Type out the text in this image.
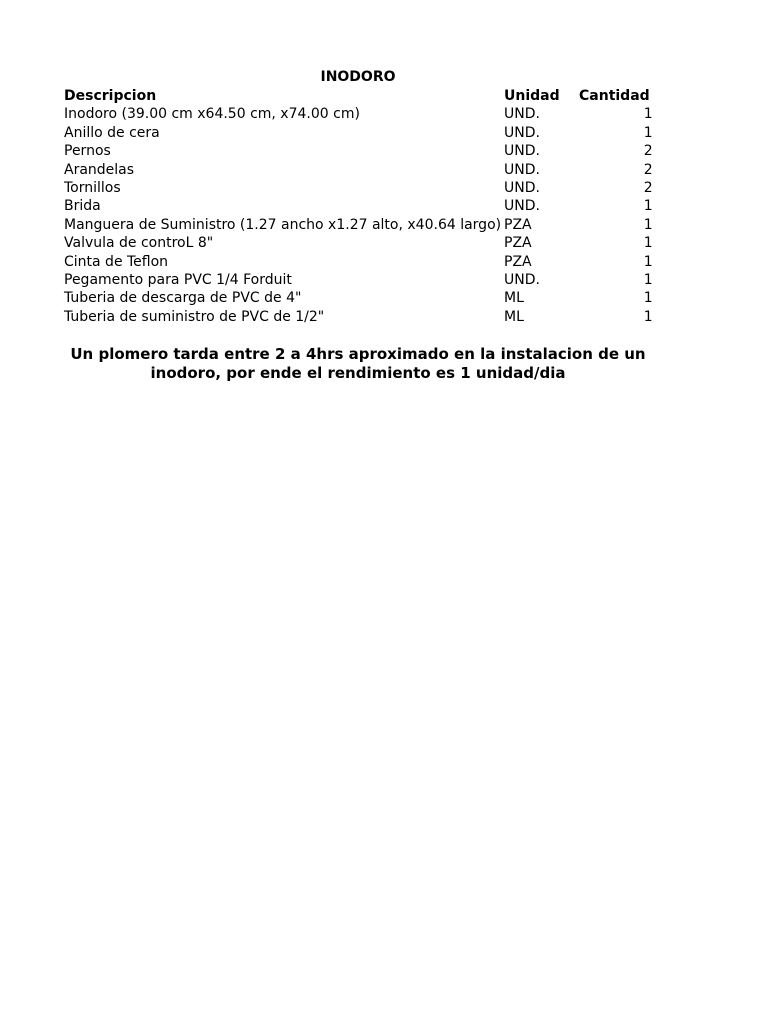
INODORO
Descripcion	Unidad	Cantidad
Inodoro (39.00 cm x64.50 cm, x74.00 cm)	UND.	1
Anillo de cera	UND.	1
Pernos	UND.	2
Arandelas	UND.	2
Tornillos	UND.	2
Brida	UND.	1
Manguera de Suministro (1.27 ancho x1.27 alto, x40.64 largo)	PZA	1
Valvula de controL 8"	PZA	1
Cinta de Teflon	PZA	1
Pegamento para PVC 1/4 Forduit	UND.	1
Tuberia de descarga de PVC de 4"	ML	1
Tuberia de suministro de PVC de 1/2"	ML	1
Un plomero tarda entre 2 a 4hrs aproximado en la instalacion de un inodoro, por ende el rendimiento es 1 unidad/dia
